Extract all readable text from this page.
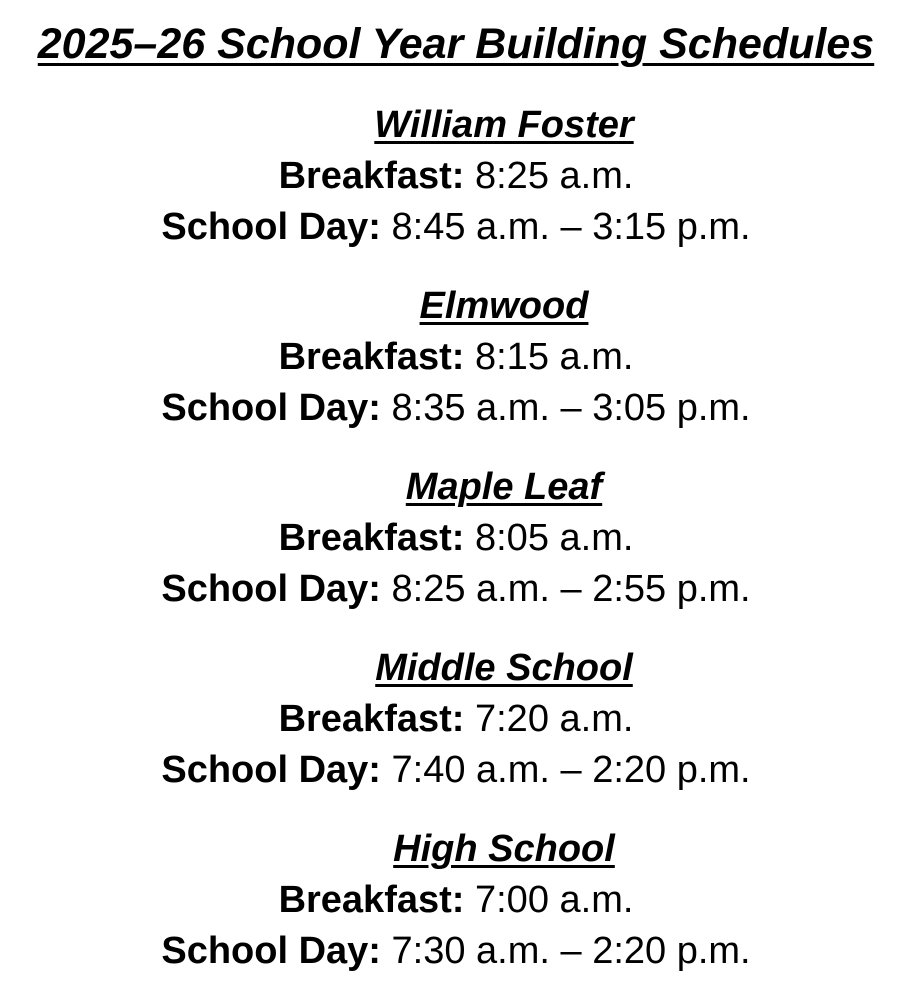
2025–26 School Year Building Schedules
William Foster
Breakfast: 8:25 a.m.
School Day: 8:45 a.m. – 3:15 p.m.
Elmwood
Breakfast: 8:15 a.m.
School Day: 8:35 a.m. – 3:05 p.m.
Maple Leaf
Breakfast: 8:05 a.m.
School Day: 8:25 a.m. – 2:55 p.m.
Middle School
Breakfast: 7:20 a.m.
School Day: 7:40 a.m. – 2:20 p.m.
High School
Breakfast: 7:00 a.m.
School Day: 7:30 a.m. – 2:20 p.m.
